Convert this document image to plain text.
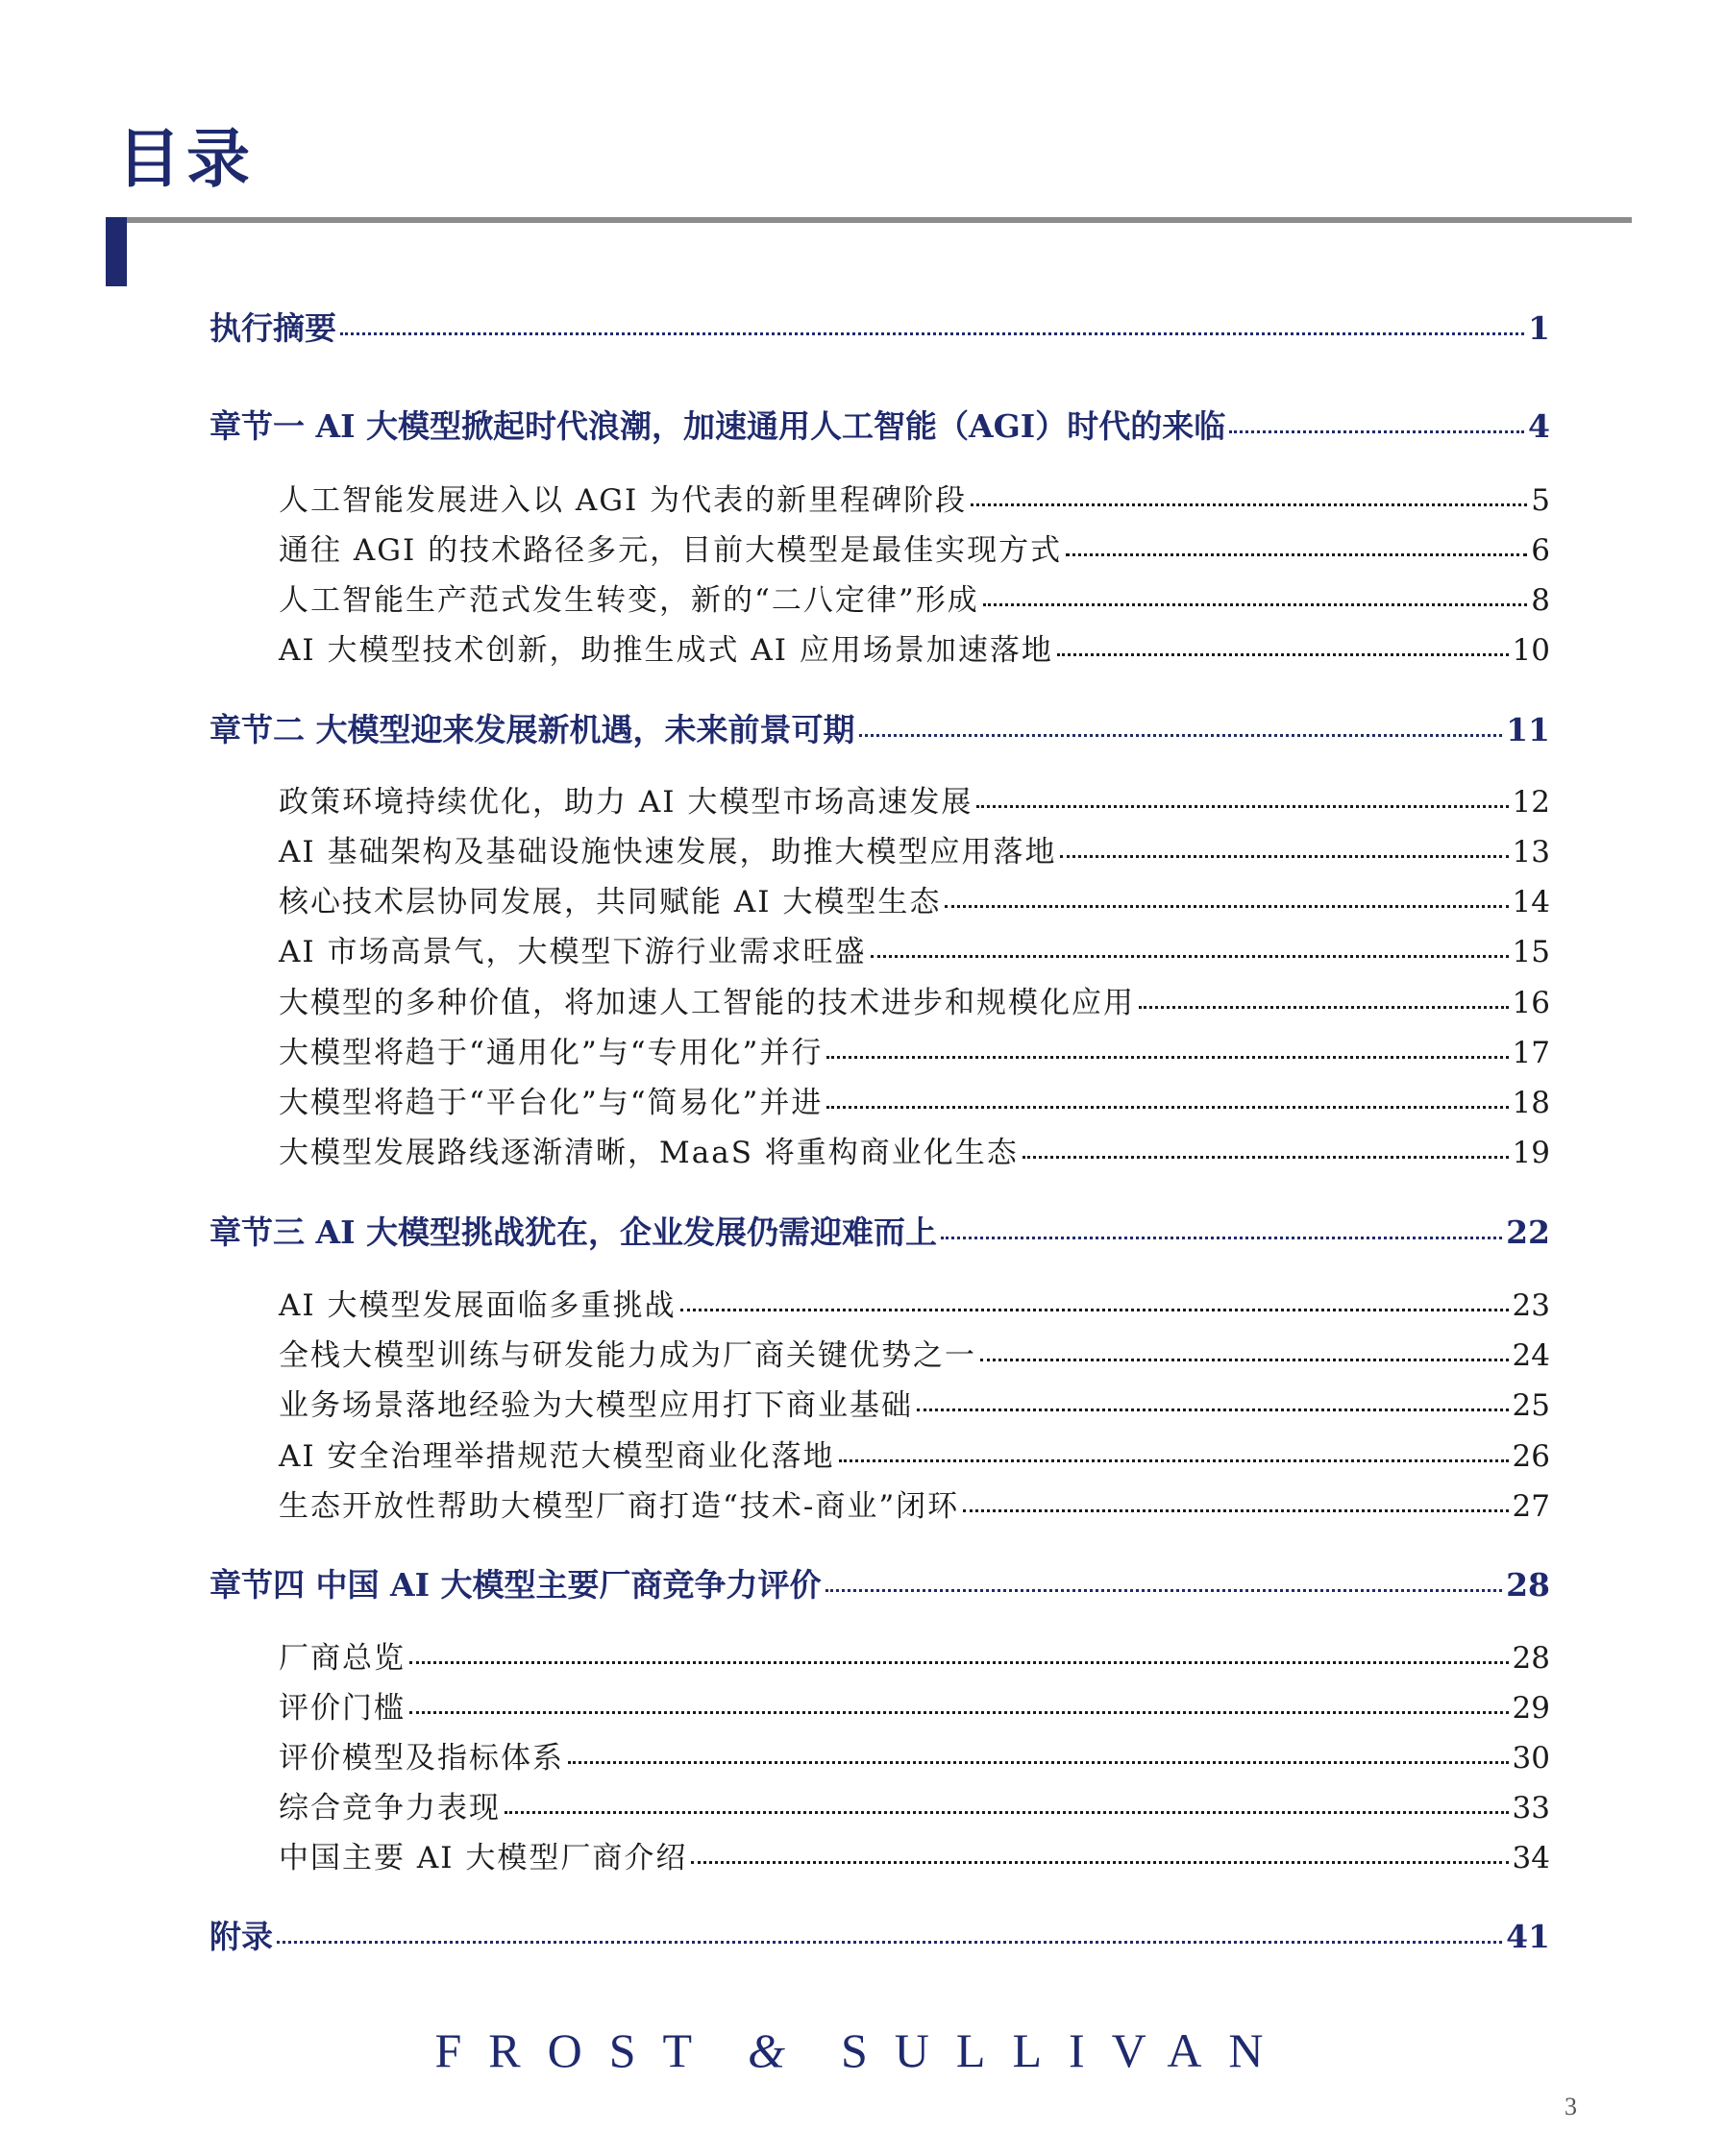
目录
执行摘要	1
章节一 AI 大模型掀起时代浪潮，加速通用人工智能（AGI）时代的来临	4
人工智能发展进入以 AGI 为代表的新里程碑阶段	5
通往 AGI 的技术路径多元，目前大模型是最佳实现方式	6
人工智能生产范式发生转变，新的“二八定律”形成	8
AI 大模型技术创新，助推生成式 AI 应用场景加速落地	10
章节二 大模型迎来发展新机遇，未来前景可期	11
政策环境持续优化，助力 AI 大模型市场高速发展	12
AI 基础架构及基础设施快速发展，助推大模型应用落地	13
核心技术层协同发展，共同赋能 AI 大模型生态	14
AI 市场高景气，大模型下游行业需求旺盛	15
大模型的多种价值，将加速人工智能的技术进步和规模化应用	16
大模型将趋于“通用化”与“专用化”并行	17
大模型将趋于“平台化”与“简易化”并进	18
大模型发展路线逐渐清晰，MaaS 将重构商业化生态	19
章节三 AI 大模型挑战犹在，企业发展仍需迎难而上	22
AI 大模型发展面临多重挑战	23
全栈大模型训练与研发能力成为厂商关键优势之一	24
业务场景落地经验为大模型应用打下商业基础	25
AI 安全治理举措规范大模型商业化落地	26
生态开放性帮助大模型厂商打造“技术-商业”闭环	27
章节四 中国 AI 大模型主要厂商竞争力评价	28
厂商总览	28
评价门槛	29
评价模型及指标体系	30
综合竞争力表现	33
中国主要 AI 大模型厂商介绍	34
附录	41
FROST & SULLIVAN
3
